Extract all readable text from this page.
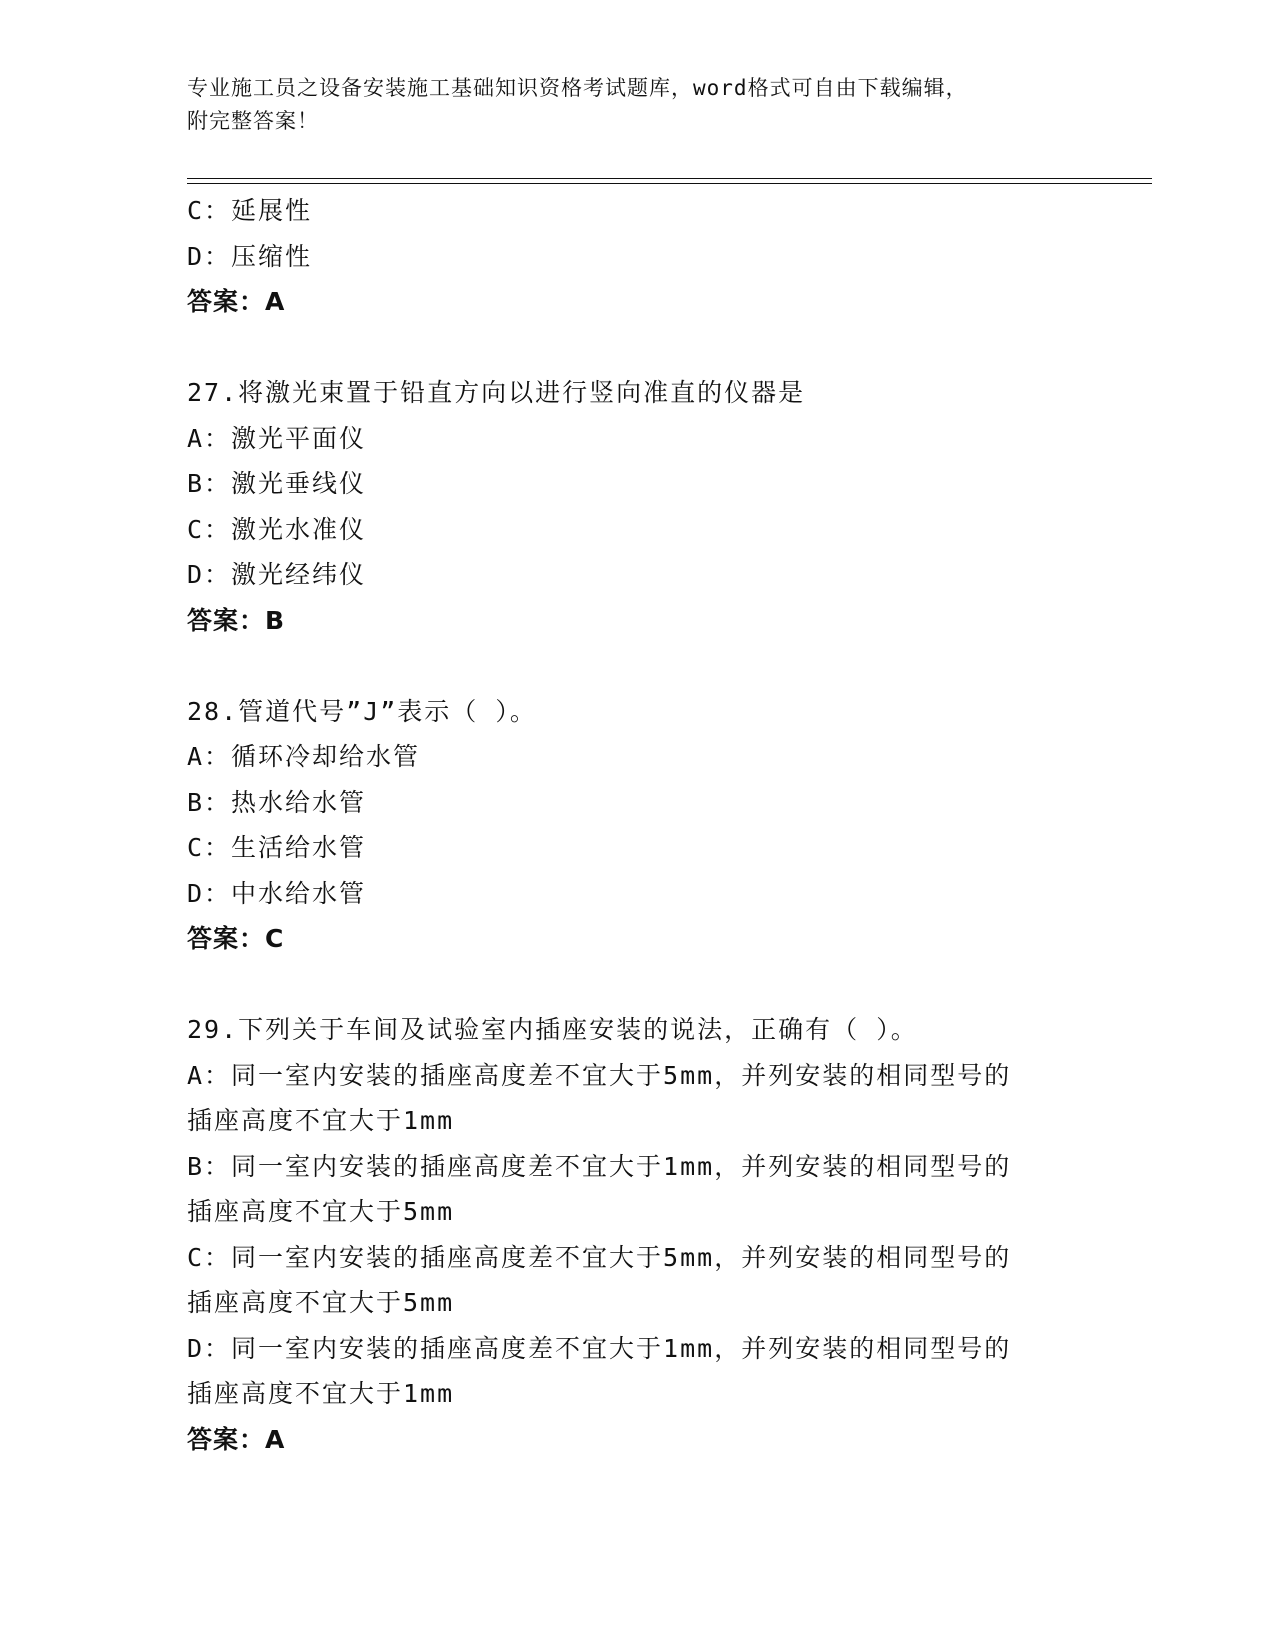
专业施工员之设备安装施工基础知识资格考试题库，word格式可自由下载编辑，
附完整答案！
C：延展性
D：压缩性
答案：A
27.将激光束置于铅直方向以进行竖向准直的仪器是
A：激光平面仪
B：激光垂线仪
C：激光水准仪
D：激光经纬仪
答案：B
28.管道代号”J”表示（ ）。
A：循环冷却给水管
B：热水给水管
C：生活给水管
D：中水给水管
答案：C
29.下列关于车间及试验室内插座安装的说法，正确有（ ）。
A：同一室内安装的插座高度差不宜大于5mm，并列安装的相同型号的
插座高度不宜大于1mm
B：同一室内安装的插座高度差不宜大于1mm，并列安装的相同型号的
插座高度不宜大于5mm
C：同一室内安装的插座高度差不宜大于5mm，并列安装的相同型号的
插座高度不宜大于5mm
D：同一室内安装的插座高度差不宜大于1mm，并列安装的相同型号的
插座高度不宜大于1mm
答案：A
